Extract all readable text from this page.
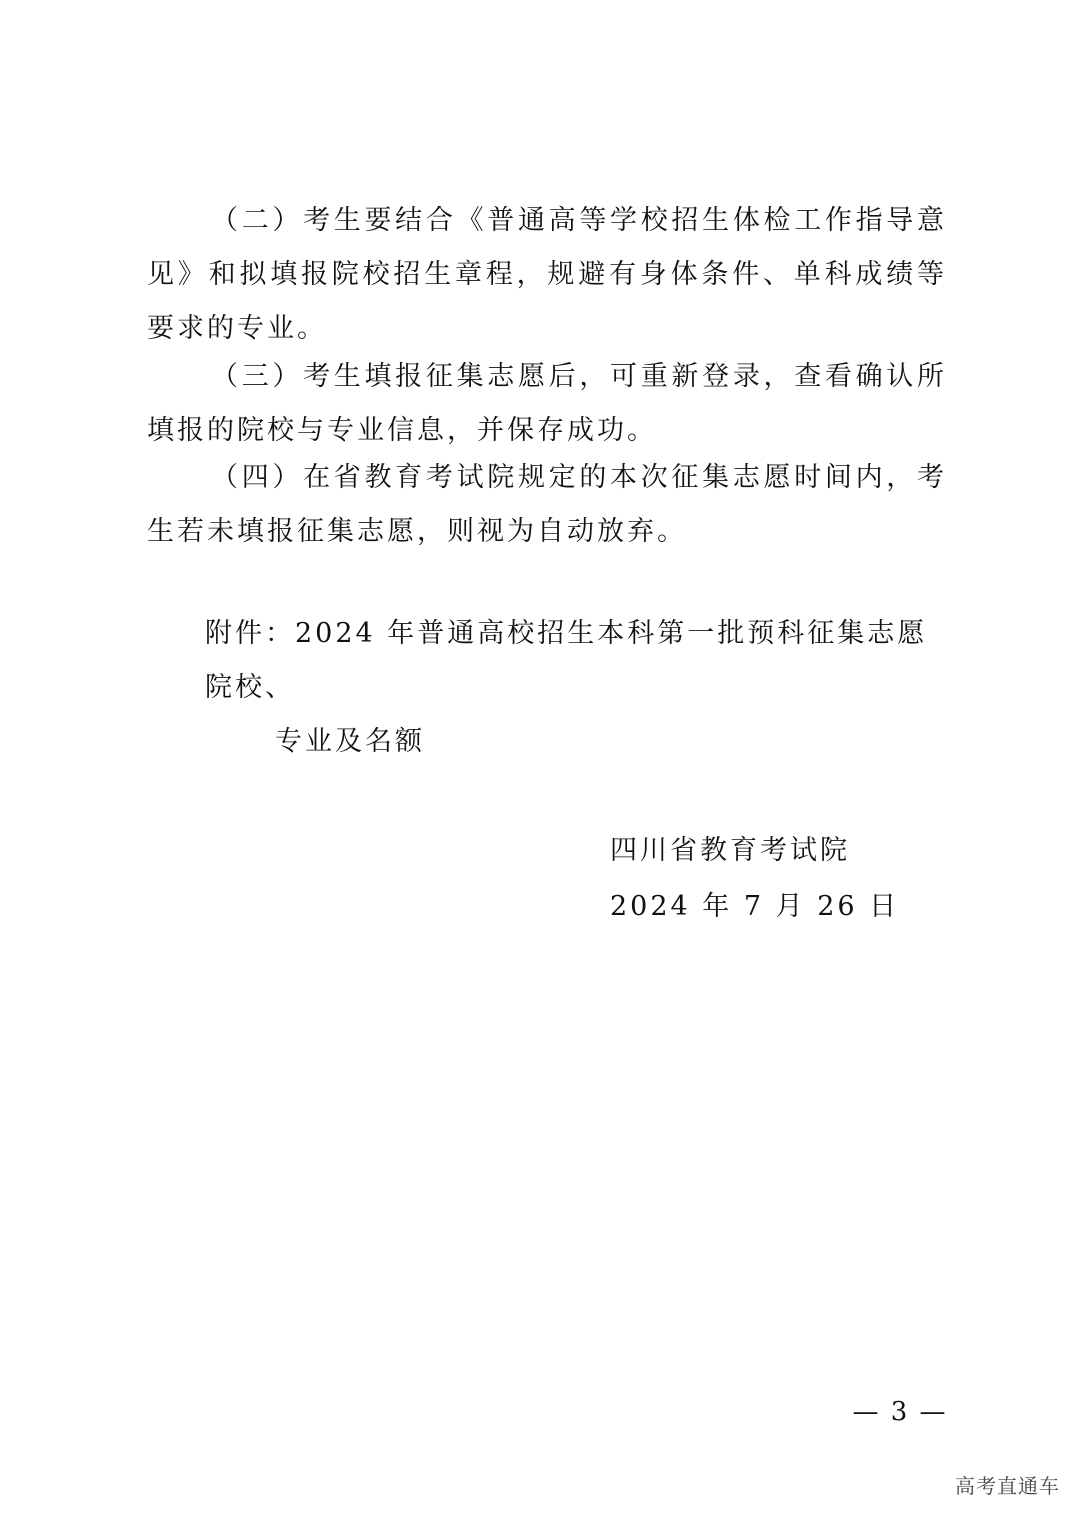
（二）考生要结合《普通高等学校招生体检工作指导意见》和拟填报院校招生章程，规避有身体条件、单科成绩等要求的专业。

（三）考生填报征集志愿后，可重新登录，查看确认所填报的院校与专业信息，并保存成功。

（四）在省教育考试院规定的本次征集志愿时间内，考生若未填报征集志愿，则视为自动放弃。

附件：2024 年普通高校招生本科第一批预科征集志愿院校、
专业及名额
四川省教育考试院
2024 年 7 月 26 日
— 3 —
高考直通车
